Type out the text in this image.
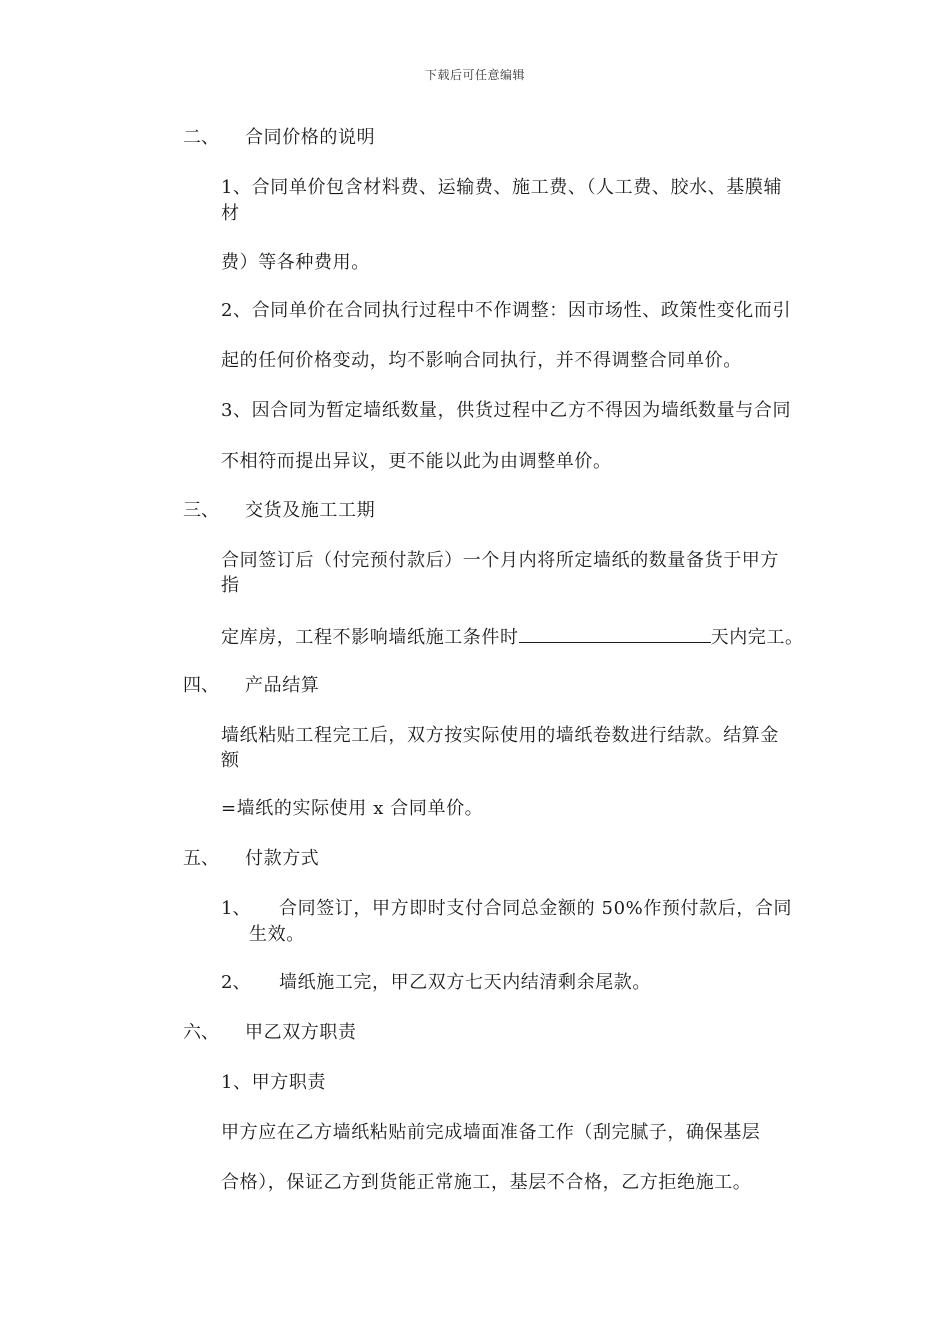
下载后可任意编辑
二、 合同价格的说明
1、合同单价包含材料费、运输费、施工费、（人工费、胶水、基膜辅
材
费）等各种费用。
2、合同单价在合同执行过程中不作调整：因市场性、政策性变化而引
起的任何价格变动，均不影响合同执行，并不得调整合同单价。
3、因合同为暂定墙纸数量，供货过程中乙方不得因为墙纸数量与合同
不相符而提出异议，更不能以此为由调整单价。
三、 交货及施工工期
合同签订后（付完预付款后）一个月内将所定墙纸的数量备货于甲方
指
定库房，工程不影响墙纸施工条件时	天内完工。
四、 产品结算
墙纸粘贴工程完工后，双方按实际使用的墙纸卷数进行结款。结算金
额
=墙纸的实际使用 x 合同单价。
五、 付款方式
1、 合同签订，甲方即时支付合同总金额的 50%作预付款后，合同
生效。
2、 墙纸施工完，甲乙双方七天内结清剩余尾款。
六、 甲乙双方职责
1、甲方职责
甲方应在乙方墙纸粘贴前完成墙面准备工作（刮完腻子，确保基层
合格），保证乙方到货能正常施工，基层不合格，乙方拒绝施工。
